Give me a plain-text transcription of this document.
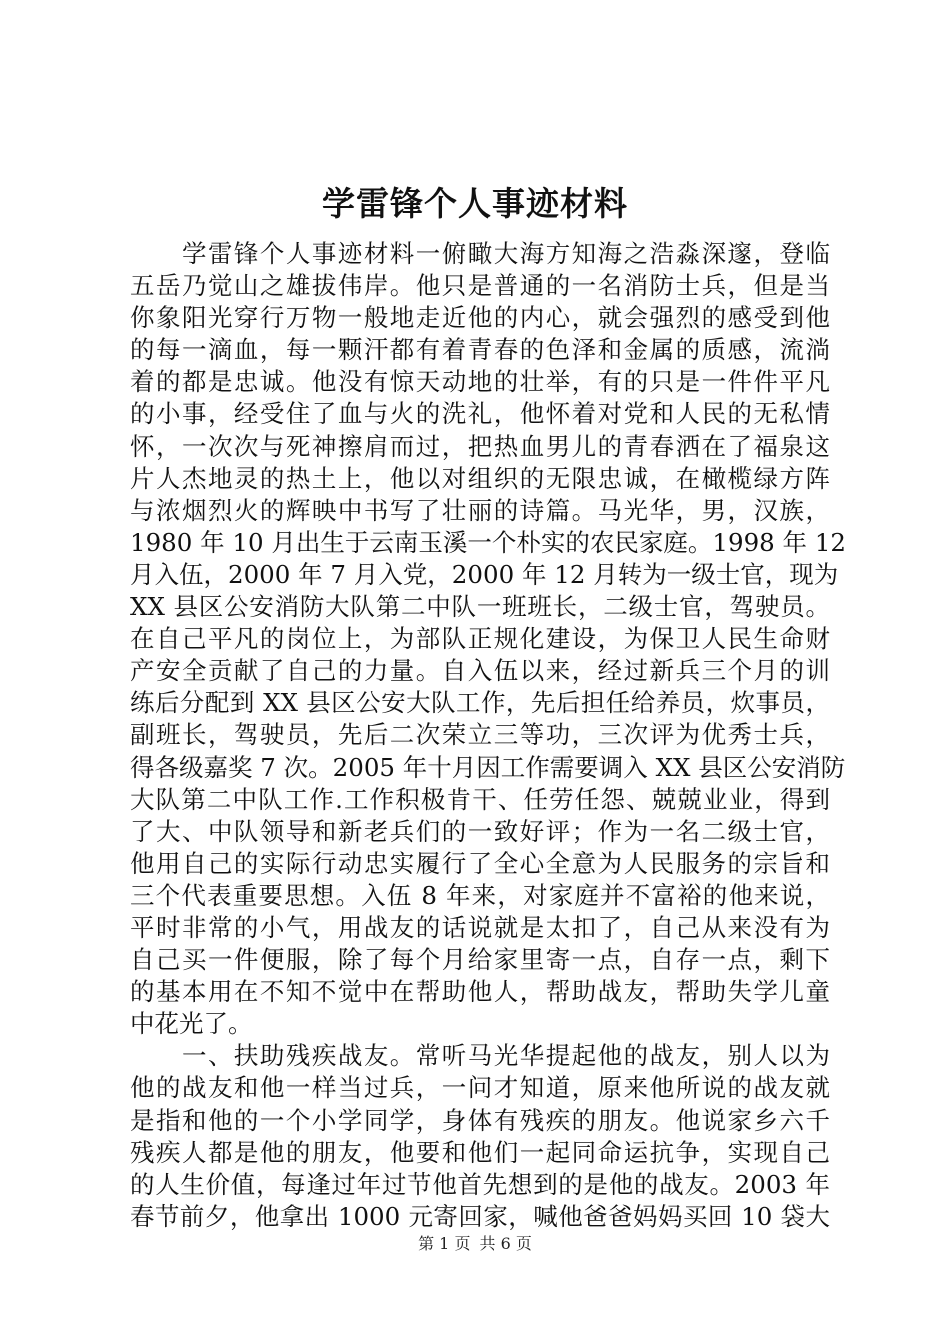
学雷锋个人事迹材料
　　学雷锋个人事迹材料一俯瞰大海方知海之浩淼深邃，登临
五岳乃觉山之雄拔伟岸。他只是普通的一名消防士兵，但是当
你象阳光穿行万物一般地走近他的内心，就会强烈的感受到他
的每一滴血，每一颗汗都有着青春的色泽和金属的质感，流淌
着的都是忠诚。他没有惊天动地的壮举，有的只是一件件平凡
的小事，经受住了血与火的洗礼，他怀着对党和人民的无私情
怀，一次次与死神擦肩而过，把热血男儿的青春洒在了福泉这
片人杰地灵的热土上，他以对组织的无限忠诚，在橄榄绿方阵
与浓烟烈火的辉映中书写了壮丽的诗篇。马光华，男，汉族，
1980 年 10 月出生于云南玉溪一个朴实的农民家庭。1998 年 12
月入伍，2000 年 7 月入党，2000 年 12 月转为一级士官，现为
XX 县区公安消防大队第二中队一班班长，二级士官，驾驶员。
在自己平凡的岗位上，为部队正规化建设，为保卫人民生命财
产安全贡献了自己的力量。自入伍以来，经过新兵三个月的训
练后分配到 XX 县区公安大队工作，先后担任给养员，炊事员，
副班长，驾驶员，先后二次荣立三等功，三次评为优秀士兵，
得各级嘉奖 7 次。2005 年十月因工作需要调入 XX 县区公安消防
大队第二中队工作.工作积极肯干、任劳任怨、兢兢业业，得到
了大、中队领导和新老兵们的一致好评；作为一名二级士官，
他用自己的实际行动忠实履行了全心全意为人民服务的宗旨和
三个代表重要思想。入伍 8 年来，对家庭并不富裕的他来说，
平时非常的小气，用战友的话说就是太扣了，自己从来没有为
自己买一件便服，除了每个月给家里寄一点，自存一点，剩下
的基本用在不知不觉中在帮助他人，帮助战友，帮助失学儿童
中花光了。
　　一、扶助残疾战友。常听马光华提起他的战友，别人以为
他的战友和他一样当过兵，一问才知道，原来他所说的战友就
是指和他的一个小学同学，身体有残疾的朋友。他说家乡六千
残疾人都是他的朋友，他要和他们一起同命运抗争，实现自己
的人生价值，每逢过年过节他首先想到的是他的战友。2003 年
春节前夕，他拿出 1000 元寄回家，喊他爸爸妈妈买回 10 袋大
第 1 页 共 6 页
